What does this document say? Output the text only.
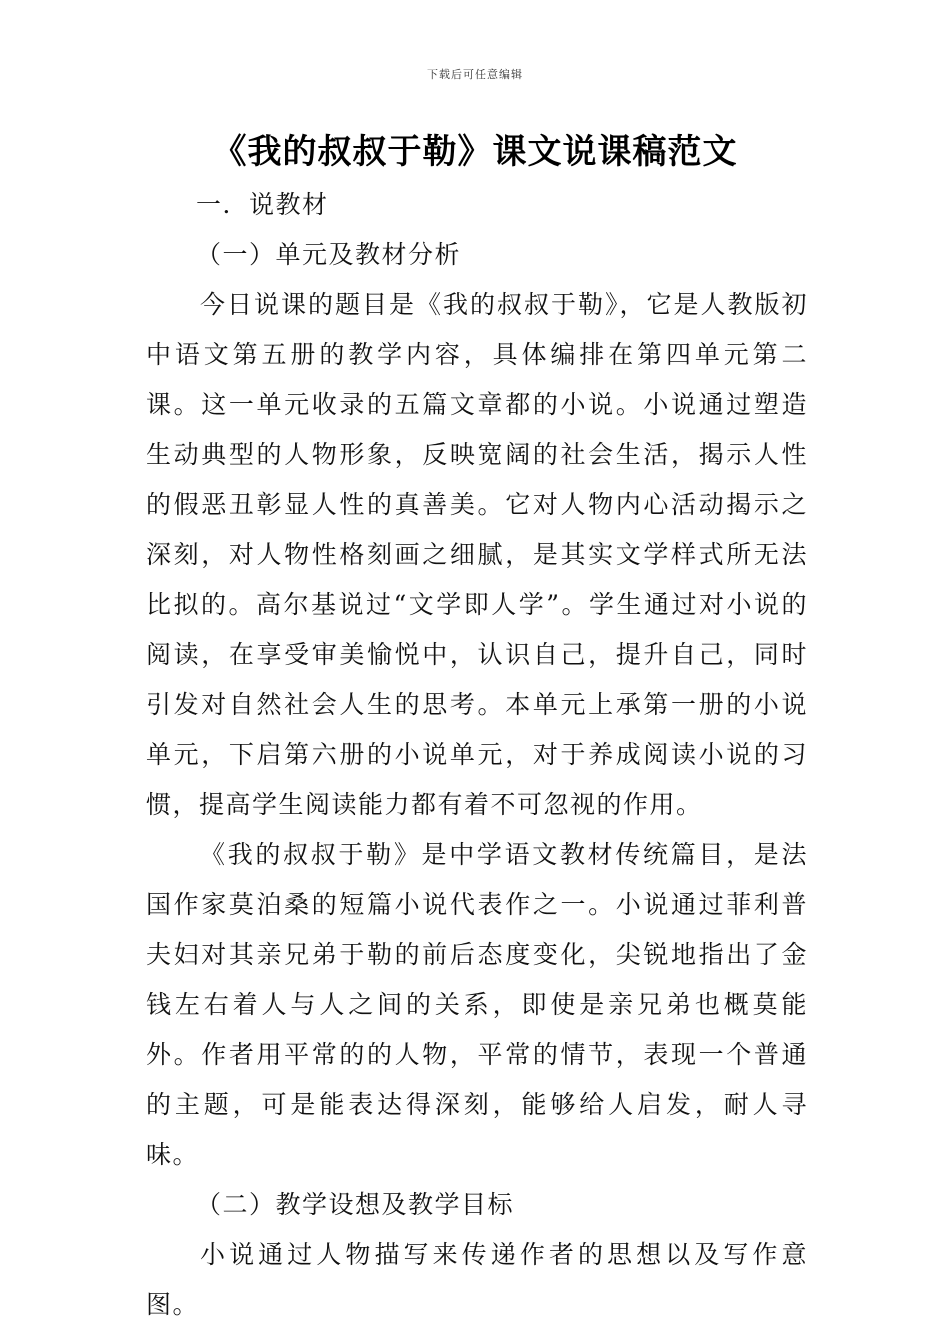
下载后可任意编辑
《我的叔叔于勒》课文说课稿范文

一．说教材

（一）单元及教材分析

今日说课的题目是《我的叔叔于勒》，它是人教版初中语文第五册的教学内容，具体编排在第四单元第二课。这一单元收录的五篇文章都的小说。小说通过塑造生动典型的人物形象，反映宽阔的社会生活，揭示人性的假恶丑彰显人性的真善美。它对人物内心活动揭示之深刻，对人物性格刻画之细腻，是其实文学样式所无法比拟的。高尔基说过“文学即人学”。学生通过对小说的阅读，在享受审美愉悦中，认识自己，提升自己，同时引发对自然社会人生的思考。本单元上承第一册的小说单元，下启第六册的小说单元，对于养成阅读小说的习惯，提高学生阅读能力都有着不可忽视的作用。

《我的叔叔于勒》是中学语文教材传统篇目，是法国作家莫泊桑的短篇小说代表作之一。小说通过菲利普夫妇对其亲兄弟于勒的前后态度变化，尖锐地指出了金钱左右着人与人之间的关系，即使是亲兄弟也概莫能外。作者用平常的的人物，平常的情节，表现一个普通的主题，可是能表达得深刻，能够给人启发，耐人寻味。

（二）教学设想及教学目标

小说通过人物描写来传递作者的思想以及写作意图。
